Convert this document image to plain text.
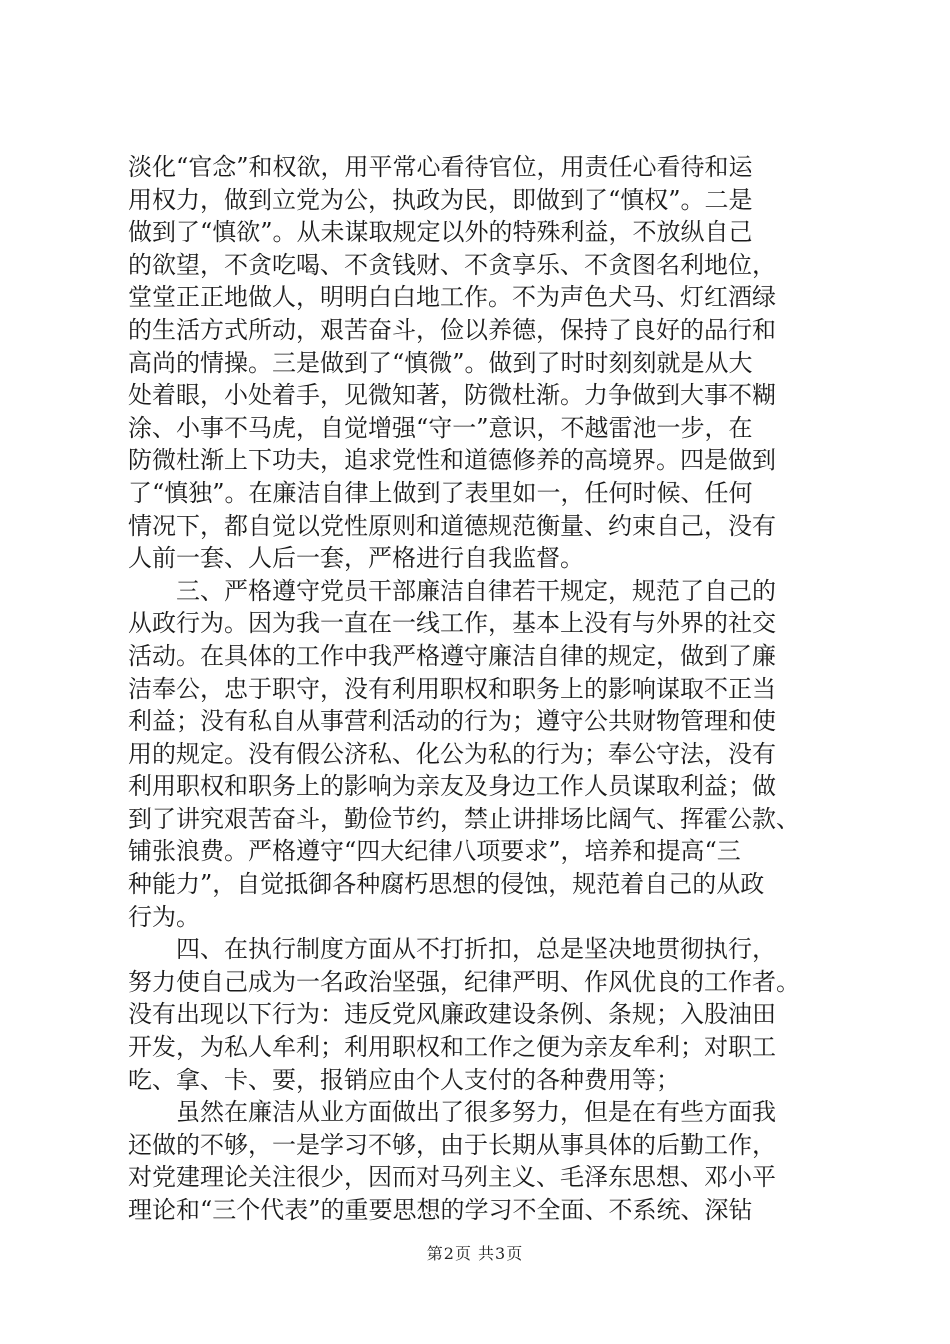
淡化“官念”和权欲，用平常心看待官位，用责任心看待和运
用权力，做到立党为公，执政为民，即做到了“慎权”。二是
做到了“慎欲”。从未谋取规定以外的特殊利益，不放纵自己
的欲望，不贪吃喝、不贪钱财、不贪享乐、不贪图名利地位，
堂堂正正地做人，明明白白地工作。不为声色犬马、灯红酒绿
的生活方式所动，艰苦奋斗，俭以养德，保持了良好的品行和
高尚的情操。三是做到了“慎微”。做到了时时刻刻就是从大
处着眼，小处着手，见微知著，防微杜渐。力争做到大事不糊
涂、小事不马虎，自觉增强“守一”意识，不越雷池一步，在
防微杜渐上下功夫，追求党性和道德修养的高境界。四是做到
了“慎独”。在廉洁自律上做到了表里如一，任何时候、任何
情况下，都自觉以党性原则和道德规范衡量、约束自己，没有
人前一套、人后一套，严格进行自我监督。
三、严格遵守党员干部廉洁自律若干规定，规范了自己的
从政行为。因为我一直在一线工作，基本上没有与外界的社交
活动。在具体的工作中我严格遵守廉洁自律的规定，做到了廉
洁奉公，忠于职守，没有利用职权和职务上的影响谋取不正当
利益；没有私自从事营利活动的行为；遵守公共财物管理和使
用的规定。没有假公济私、化公为私的行为；奉公守法，没有
利用职权和职务上的影响为亲友及身边工作人员谋取利益；做
到了讲究艰苦奋斗，勤俭节约，禁止讲排场比阔气、挥霍公款、
铺张浪费。严格遵守“四大纪律八项要求”，培养和提高“三
种能力”，自觉抵御各种腐朽思想的侵蚀，规范着自己的从政
行为。
四、在执行制度方面从不打折扣，总是坚决地贯彻执行，
努力使自己成为一名政治坚强，纪律严明、作风优良的工作者。
没有出现以下行为：违反党风廉政建设条例、条规；入股油田
开发，为私人牟利；利用职权和工作之便为亲友牟利；对职工
吃、拿、卡、要，报销应由个人支付的各种费用等；
虽然在廉洁从业方面做出了很多努力，但是在有些方面我
还做的不够，一是学习不够，由于长期从事具体的后勤工作，
对党建理论关注很少，因而对马列主义、毛泽东思想、邓小平
理论和“三个代表”的重要思想的学习不全面、不系统、深钻
第2页 共3页
